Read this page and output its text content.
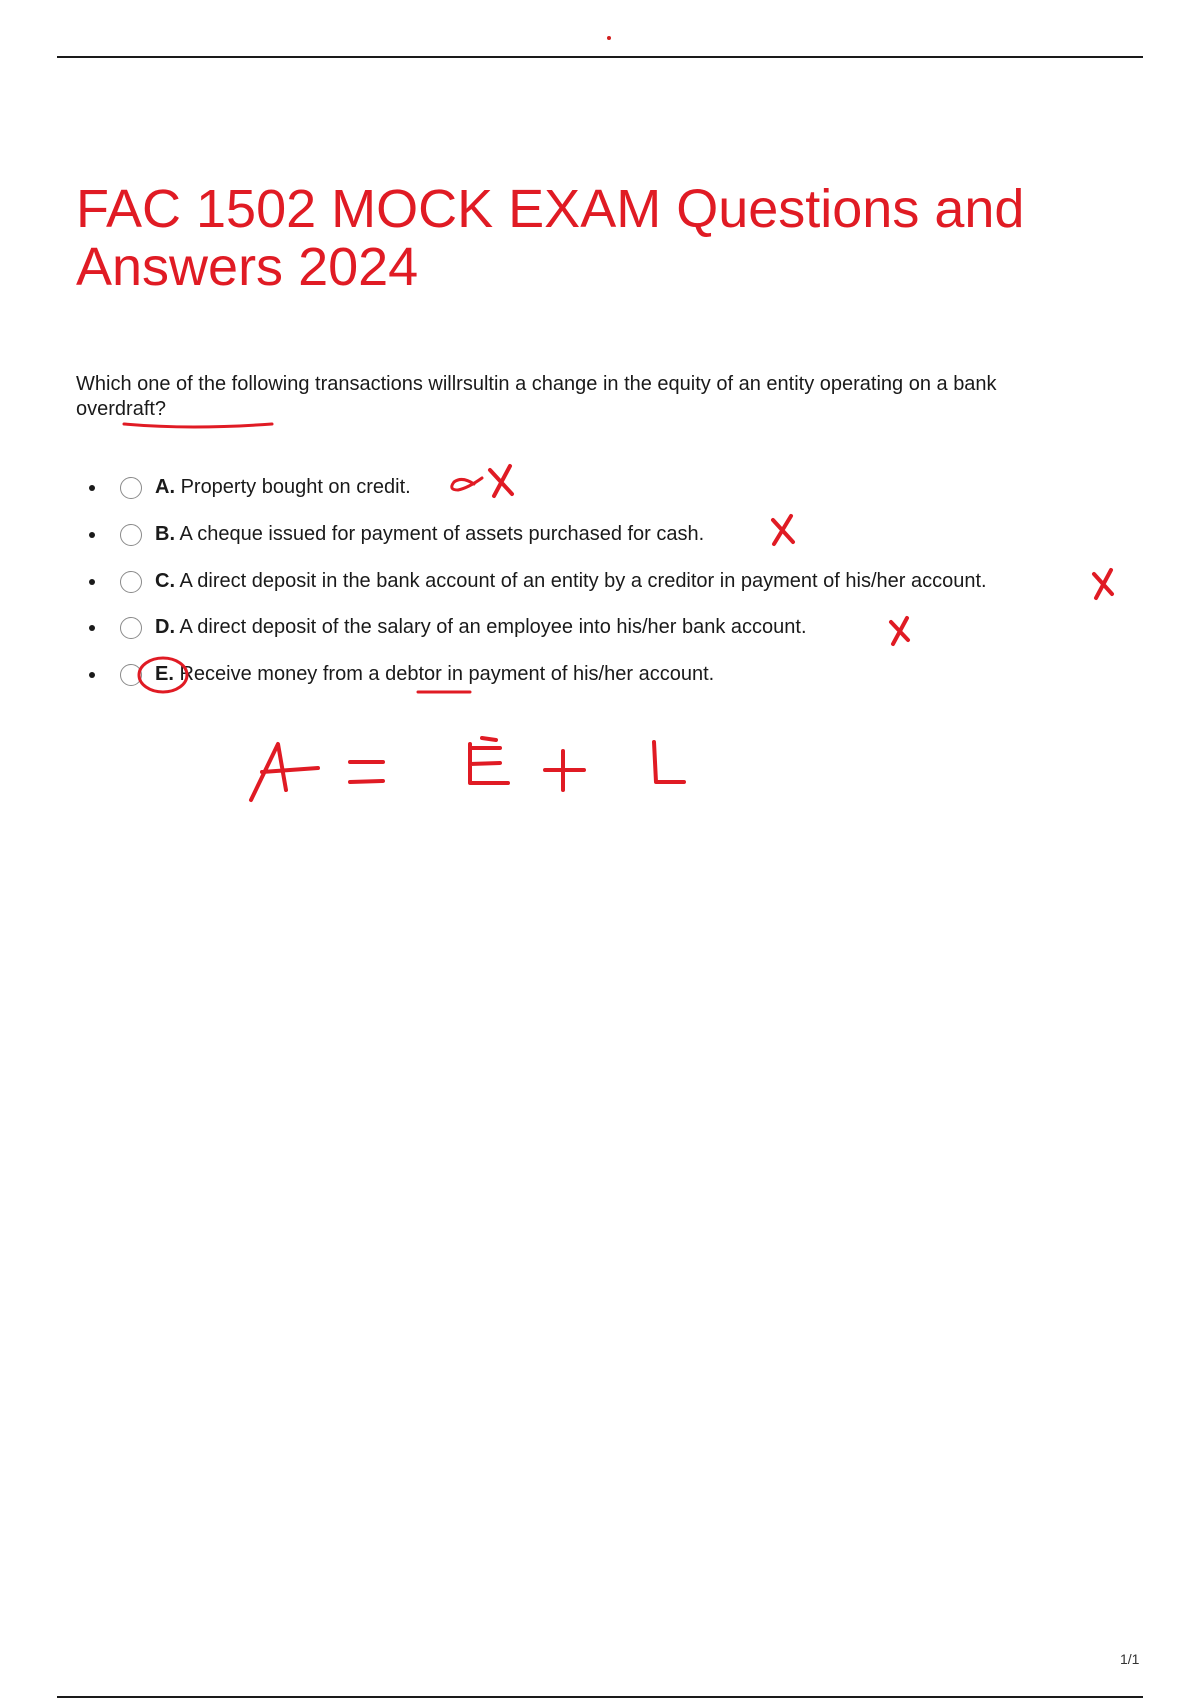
FAC 1502 MOCK EXAM Questions and Answers 2024

Which one of the following transactions willrsultin a change in the equity of an entity operating on a bank overdraft?

A. Property bought on credit.
B. A cheque issued for payment of assets purchased for cash.
C. A direct deposit in the bank account of an entity by a creditor in payment of his/her account.
D. A direct deposit of the salary of an employee into his/her bank account.
E. Receive money from a debtor in payment of his/her account.
1/1
